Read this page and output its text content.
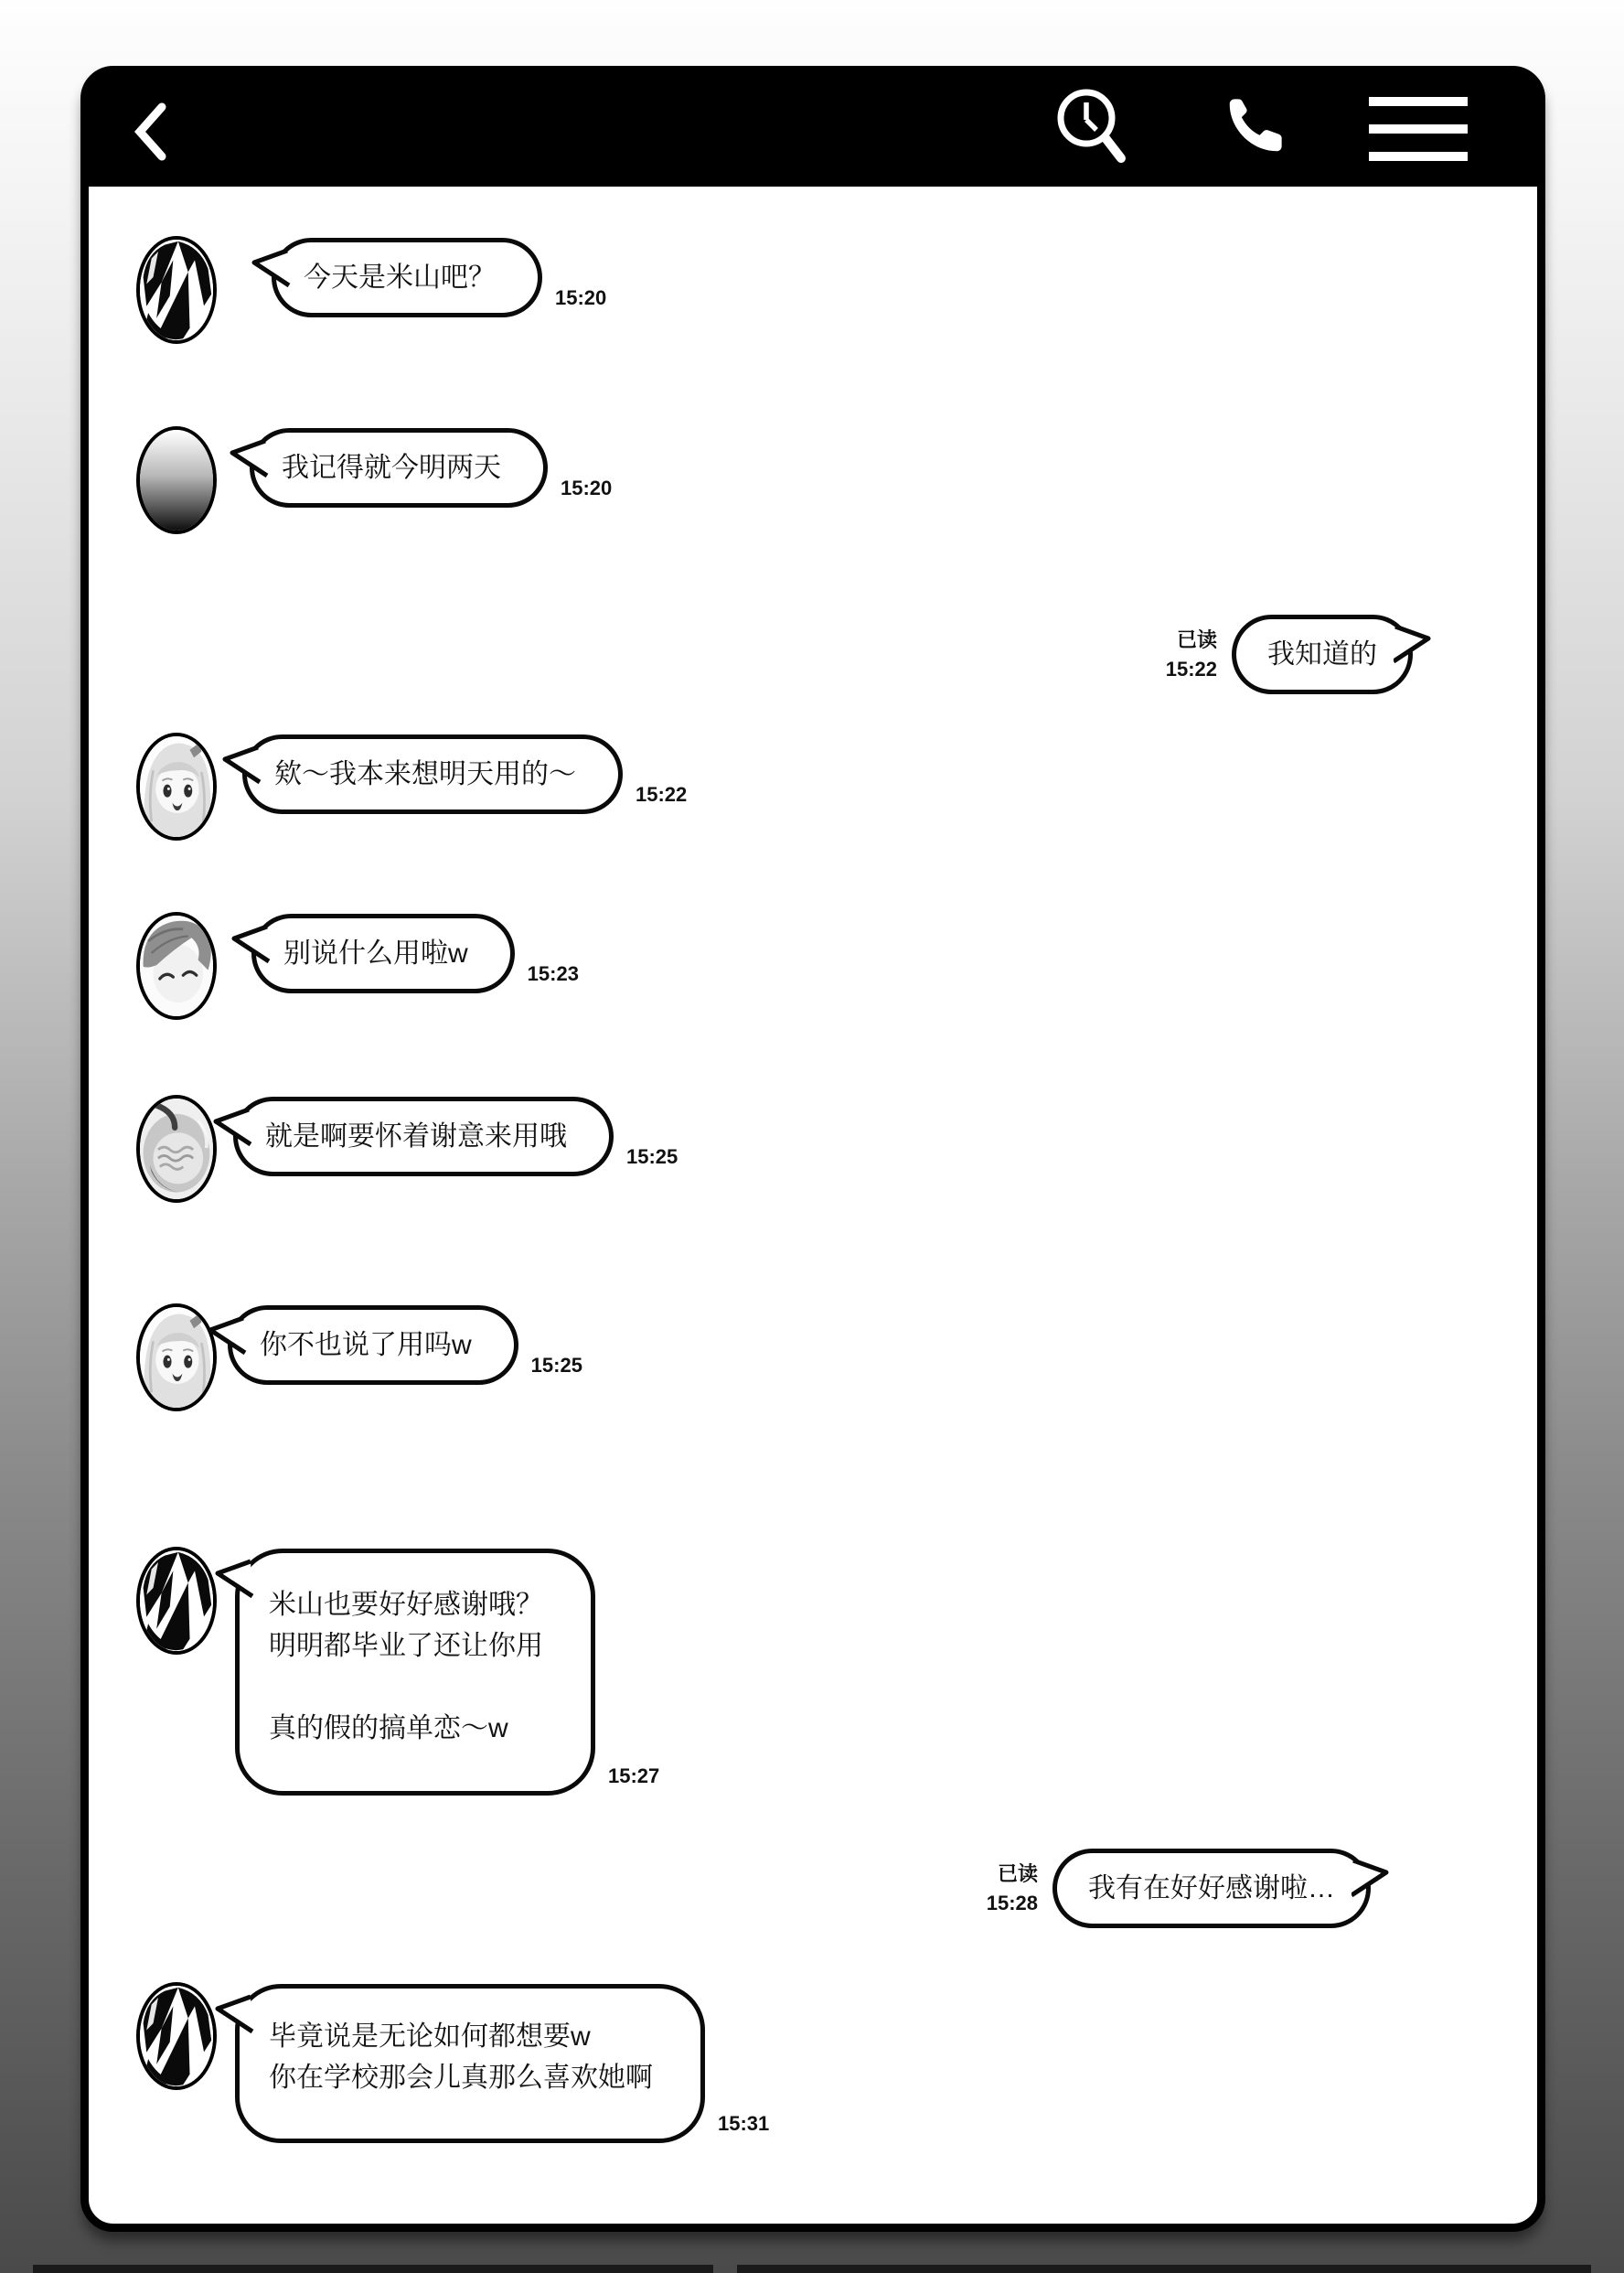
今天是米山吧？
15:20
我记得就今明两天
15:20
已读
15:22 我知道的
欸～我本来想明天用的～
15:22
别说什么用啦w
15:23
就是啊要怀着谢意来用哦
15:25
你不也说了用吗w
15:25
米山也要好好感谢哦？
明明都毕业了还让你用

真的假的搞单恋～w
15:27
已读
15:28 我有在好好感谢啦…
毕竟说是无论如何都想要w
你在学校那会儿真那么喜欢她啊
15:31
